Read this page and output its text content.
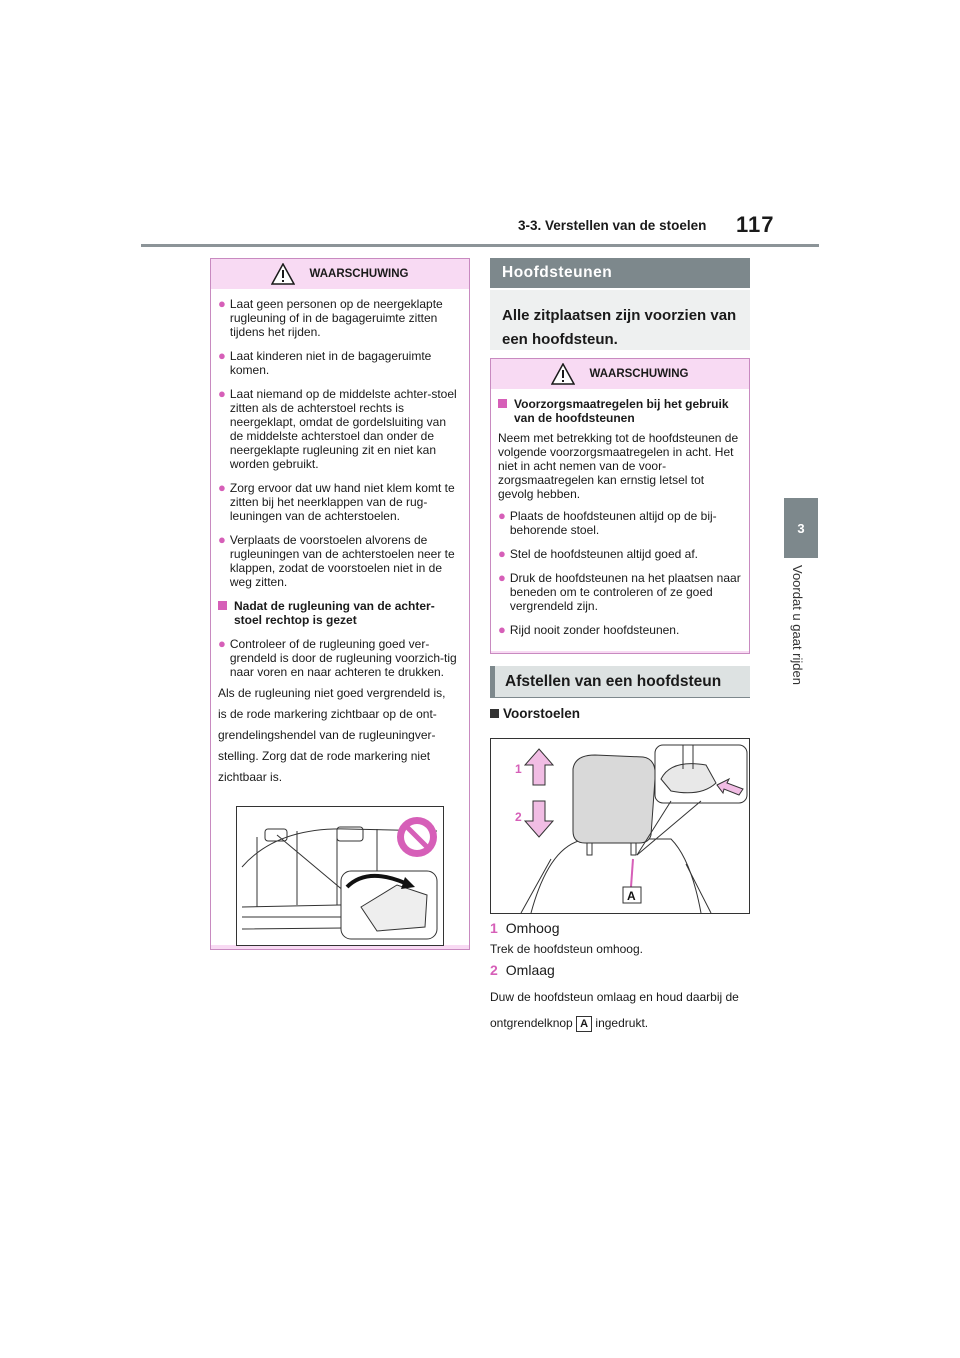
3-3. Verstellen van de stoelen 117
3
Voordat u gaat rijden
WAARSCHUWING
● Laat geen personen op de neergeklapte rugleuning of in de bagageruimte zitten tijdens het rijden.
● Laat kinderen niet in de bagageruimte komen.
● Laat niemand op de middelste achter-stoel zitten als de achterstoel rechts is neergeklapt, omdat de gordelsluiting van de middelste achterstoel dan onder de neergeklapte rugleuning zit en niet kan worden gebruikt.
● Zorg ervoor dat uw hand niet klem komt te zitten bij het neerklappen van de rug-leuningen van de achterstoelen.
● Verplaats de voorstoelen alvorens de rugleuningen van de achterstoelen neer te klappen, zodat de voorstoelen niet in de weg zitten.
Nadat de rugleuning van de achter-stoel rechtop is gezet
● Controleer of de rugleuning goed ver-grendeld is door de rugleuning voorzich-tig naar voren en naar achteren te drukken.

Als de rugleuning niet goed vergrendeld is,

is de rode markering zichtbaar op de ont-

grendelingshendel van de rugleuningver-

stelling. Zorg dat de rode markering niet

zichtbaar is.

Hoofdsteunen
Alle zitplaatsen zijn voorzien van een hoofdsteun.
WAARSCHUWING
Voorzorgsmaatregelen bij het gebruik van de hoofdsteunen
Neem met betrekking tot de hoofdsteunen de volgende voorzorgsmaatregelen in acht. Het niet in acht nemen van de voor-zorgsmaatregelen kan ernstig letsel tot gevolg hebben.
● Plaats de hoofdsteunen altijd op de bij-behorende stoel.
● Stel de hoofdsteunen altijd goed af.
● Druk de hoofdsteunen na het plaatsen naar beneden om te controleren of ze goed vergrendeld zijn.
● Rijd nooit zonder hoofdsteunen.
Afstellen van een hoofdsteun
Voorstoelen
1
2
A
1 Omhoog
Trek de hoofdsteun omhoog.
2 Omlaag
Duw de hoofdsteun omlaag en houd daarbij de ontgrendelknop A ingedrukt.
